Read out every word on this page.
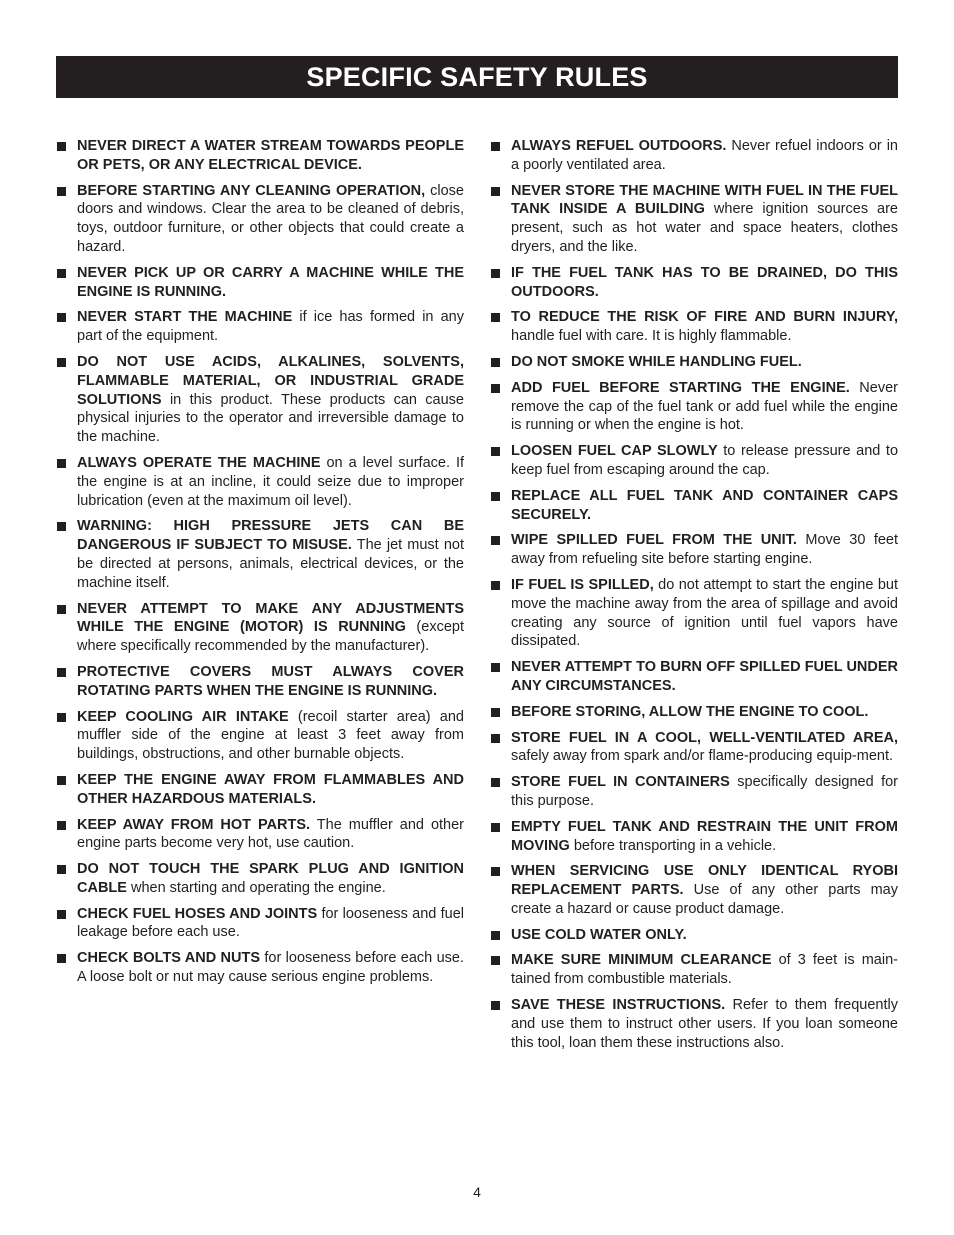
SPECIFIC SAFETY RULES
NEVER DIRECT A WATER STREAM TOWARDS PEOPLE OR PETS, OR ANY ELECTRICAL DEVICE.
BEFORE STARTING ANY CLEANING OPERATION, close doors and windows. Clear the area to be cleaned of debris, toys, outdoor furniture, or other objects that could create a hazard.
NEVER PICK UP OR CARRY A MACHINE WHILE THE ENGINE IS RUNNING.
NEVER START THE MACHINE if ice has formed in any part of the equipment.
DO NOT USE ACIDS, ALKALINES, SOLVENTS, FLAMMABLE MATERIAL, OR INDUSTRIAL GRADE SOLUTIONS in this product. These products can cause physical injuries to the operator and irreversible damage to the machine.
ALWAYS OPERATE THE MACHINE on a level surface. If the engine is at an incline, it could seize due to improper lubrication (even at the maximum oil level).
WARNING: HIGH PRESSURE JETS CAN BE DANGEROUS IF SUBJECT TO MISUSE. The jet must not be directed at persons, animals, electrical devices, or the machine itself.
NEVER ATTEMPT TO MAKE ANY ADJUSTMENTS WHILE THE ENGINE (MOTOR) IS RUNNING (except where specifically recommended by the manufacturer).
PROTECTIVE COVERS MUST ALWAYS COVER ROTATING PARTS WHEN THE ENGINE IS RUNNING.
KEEP COOLING AIR INTAKE (recoil starter area) and muffler side of the engine at least 3 feet away from buildings, obstructions, and other burnable objects.
KEEP THE ENGINE AWAY FROM FLAMMABLES AND OTHER HAZARDOUS MATERIALS.
KEEP AWAY FROM HOT PARTS. The muffler and other engine parts become very hot, use caution.
DO NOT TOUCH THE SPARK PLUG AND IGNITION CABLE when starting and operating the engine.
CHECK FUEL HOSES AND JOINTS for looseness and fuel leakage before each use.
CHECK BOLTS AND NUTS for looseness before each use. A loose bolt or nut may cause serious engine problems.
ALWAYS REFUEL OUTDOORS. Never refuel indoors or in a poorly ventilated area.
NEVER STORE THE MACHINE WITH FUEL IN THE FUEL TANK INSIDE A BUILDING where ignition sources are present, such as hot water and space heaters, clothes dryers, and the like.
IF THE FUEL TANK HAS TO BE DRAINED, DO THIS OUTDOORS.
TO REDUCE THE RISK OF FIRE AND BURN INJURY, handle fuel with care. It is highly flammable.
DO NOT SMOKE WHILE HANDLING FUEL.
ADD FUEL BEFORE STARTING THE ENGINE. Never remove the cap of the fuel tank or add fuel while the engine is running or when the engine is hot.
LOOSEN FUEL CAP SLOWLY to release pressure and to keep fuel from escaping around the cap.
REPLACE ALL FUEL TANK AND CONTAINER CAPS SECURELY.
WIPE SPILLED FUEL FROM THE UNIT. Move 30 feet away from refueling site before starting engine.
IF FUEL IS SPILLED, do not attempt to start the engine but move the machine away from the area of spillage and avoid creating any source of ignition until fuel vapors have dissipated.
NEVER ATTEMPT TO BURN OFF SPILLED FUEL UNDER ANY CIRCUMSTANCES.
BEFORE STORING, ALLOW THE ENGINE TO COOL.
STORE FUEL IN A COOL, WELL-VENTILATED AREA, safely away from spark and/or flame-producing equip-ment.
STORE FUEL IN CONTAINERS specifically designed for this purpose.
EMPTY FUEL TANK AND RESTRAIN THE UNIT FROM MOVING before transporting in a vehicle.
WHEN SERVICING USE ONLY IDENTICAL RYOBI REPLACEMENT PARTS. Use of any other parts may create a hazard or cause product damage.
USE COLD WATER ONLY.
MAKE SURE MINIMUM CLEARANCE of 3 feet is main-tained from combustible materials.
SAVE THESE INSTRUCTIONS. Refer to them frequently and use them to instruct other users. If you loan someone this tool, loan them these instructions also.
4
